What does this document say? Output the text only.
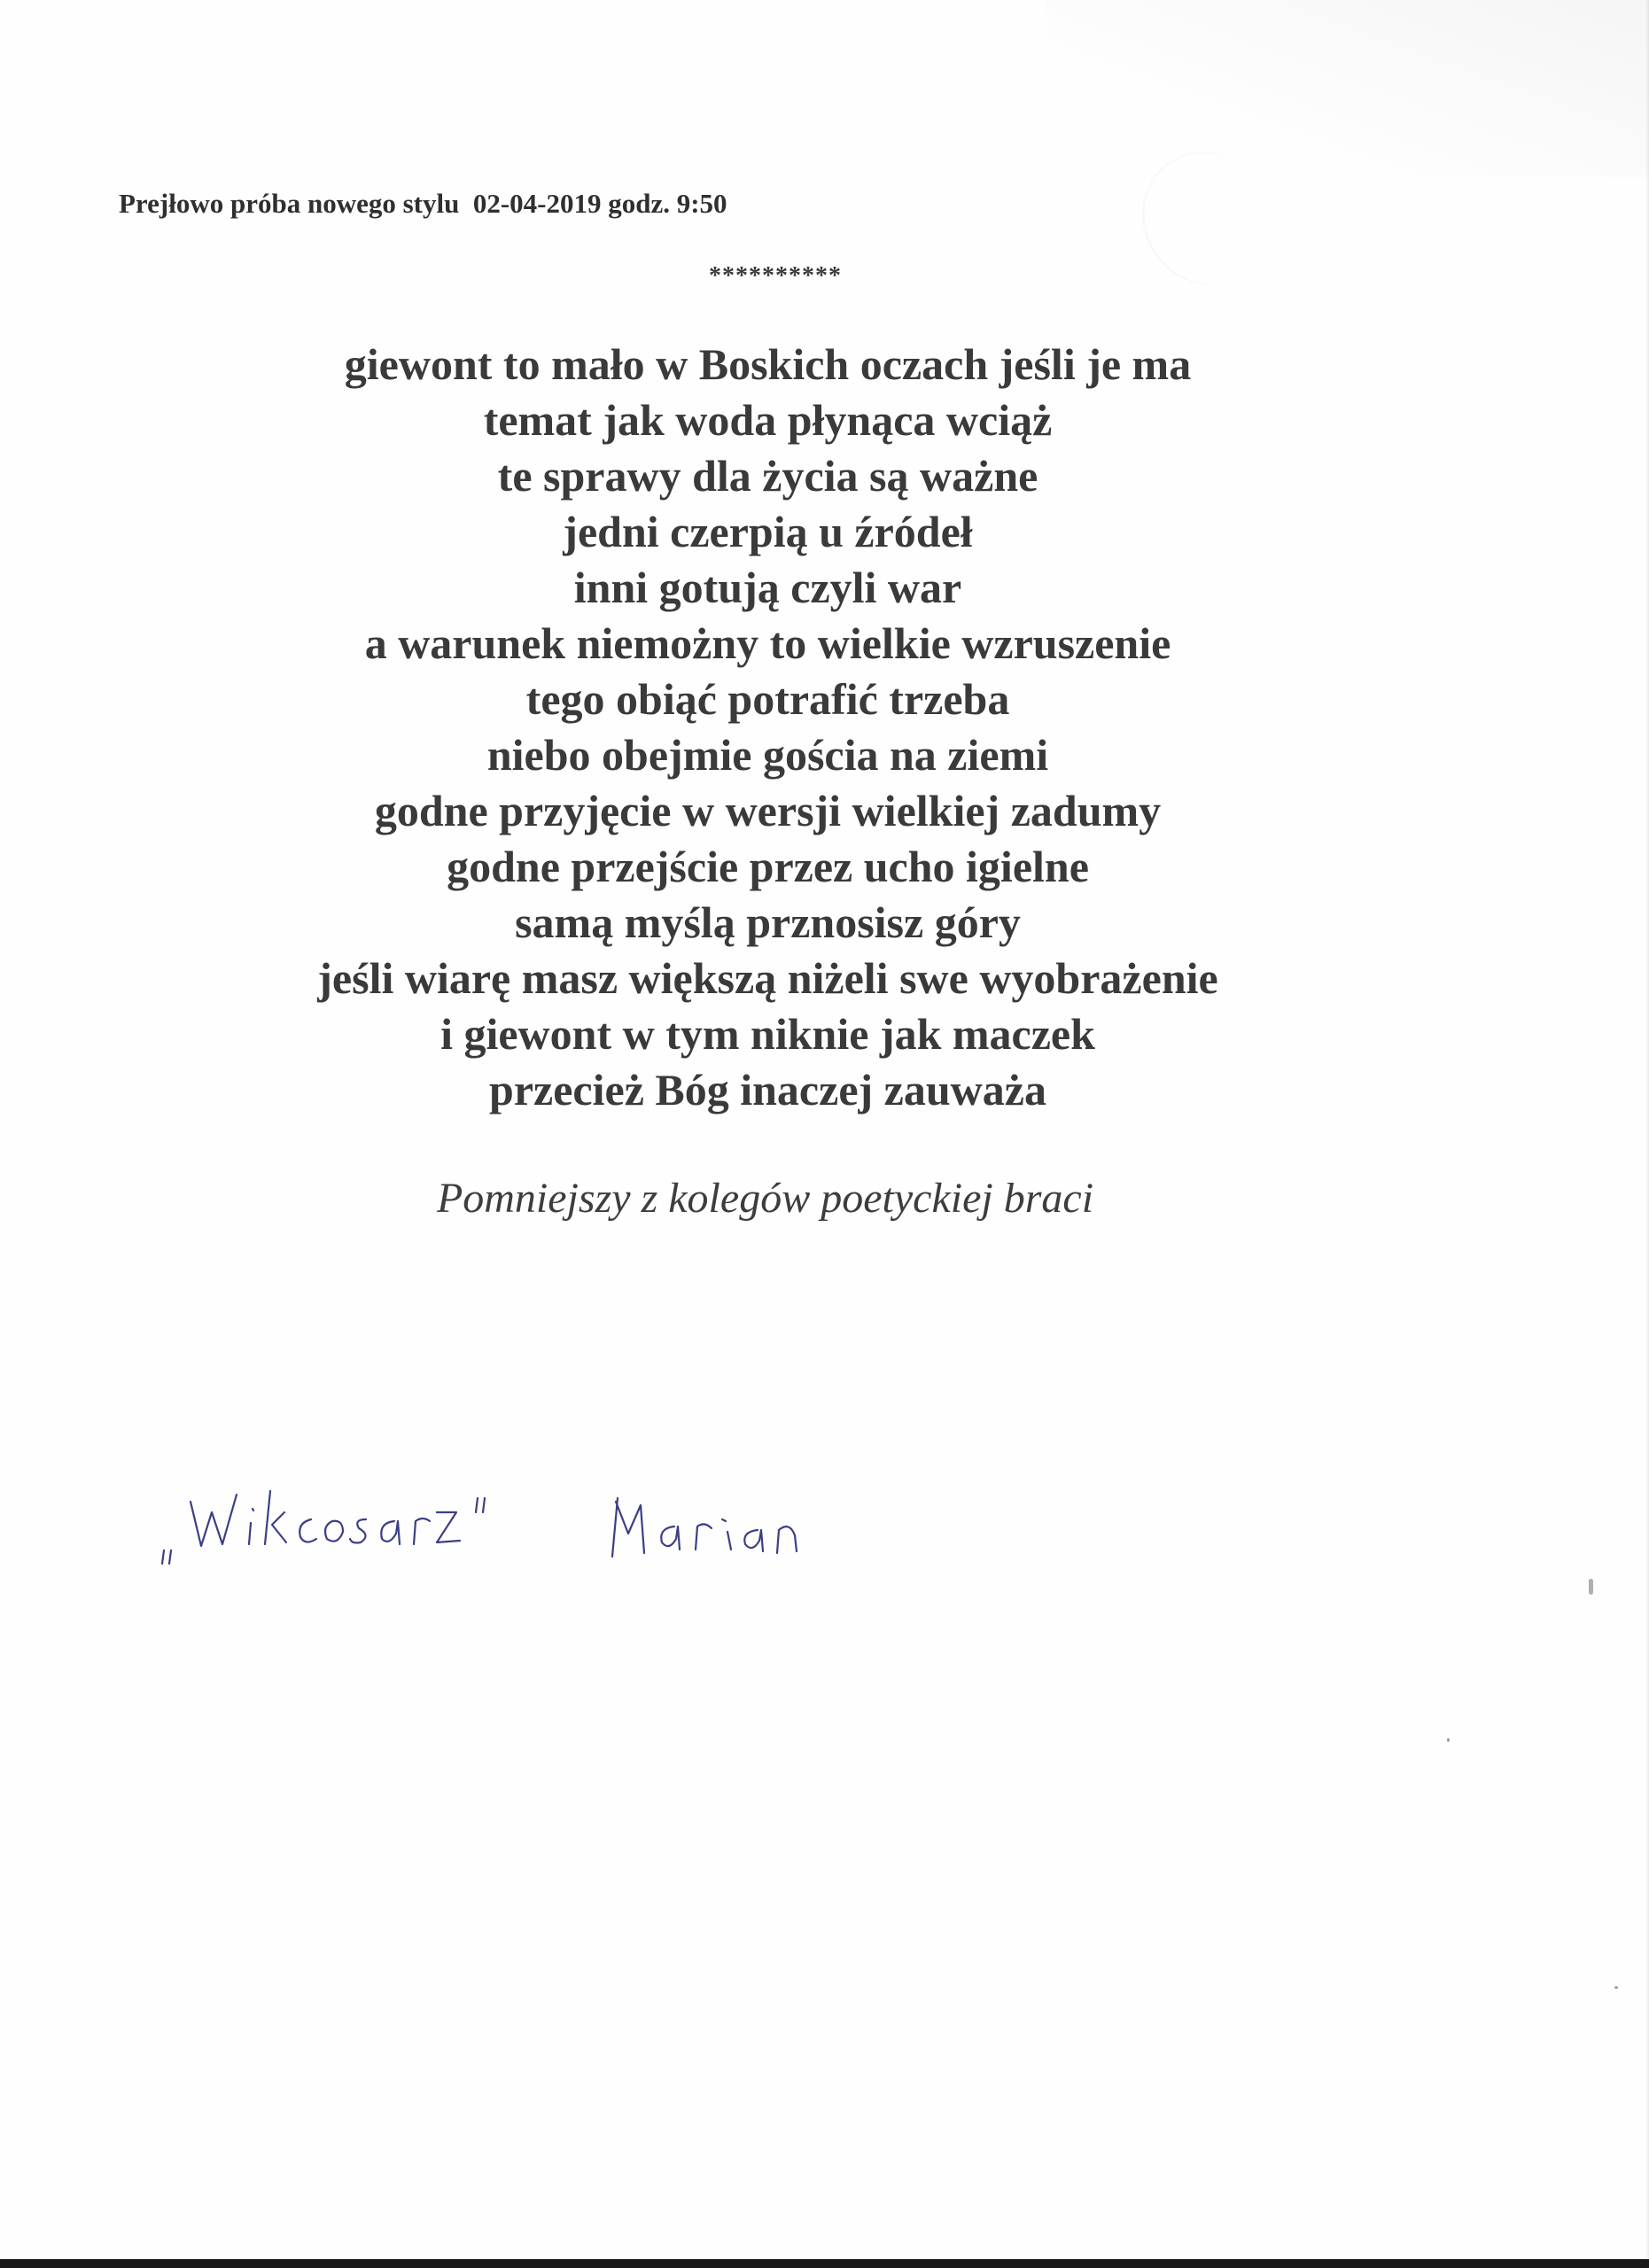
Prejłowo próba nowego stylu  02-04-2019 godz. 9:50
**********
giewont to mało w Boskich oczach jeśli je ma
temat jak woda płynąca wciąż
te sprawy dla życia są ważne
jedni czerpią u źródeł
inni gotują czyli war
a warunek niemożny to wielkie wzruszenie
tego obiąć potrafić trzeba
niebo obejmie gościa na ziemi
godne przyjęcie w wersji wielkiej zadumy
godne przejście przez ucho igielne
samą myślą prznosisz góry
jeśli wiarę masz większą niżeli swe wyobrażenie
i giewont w tym niknie jak maczek
przecież Bóg inaczej zauważa
Pomniejszy z kolegów poetyckiej braci
